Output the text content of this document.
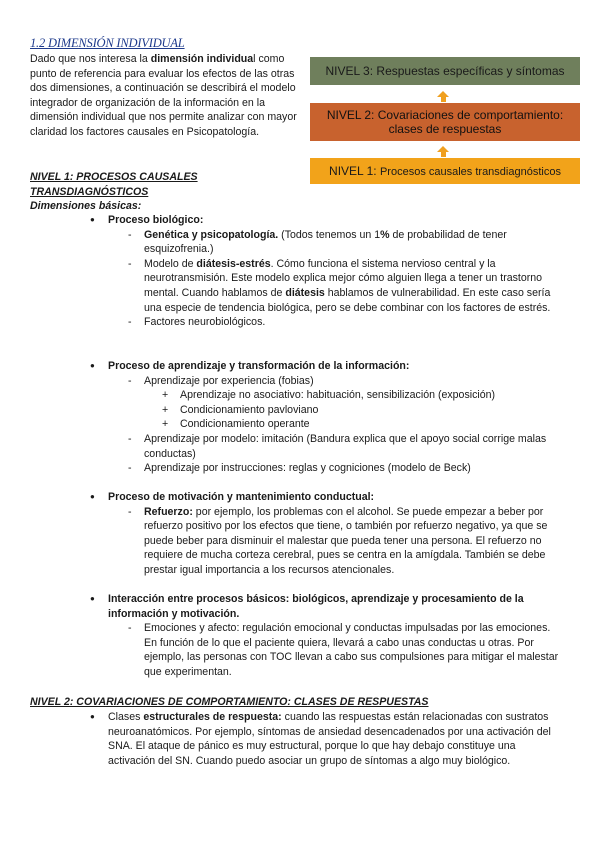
1.2 DIMENSIÓN INDIVIDUAL
Dado que nos interesa la dimensión individual como punto de referencia para evaluar los efectos de las otras dos dimensiones, a continuación se describirá el modelo integrador de organización de la información en la dimensión individual que nos permite analizar con mayor claridad los factores causales en Psicopatología.
NIVEL 3: Respuestas específicas y síntomas
NIVEL 2: Covariaciones de comportamiento: clases de respuestas
NIVEL 1: Procesos causales transdiagnósticos
NIVEL 1: PROCESOS CAUSALES
TRANSDIAGNÓSTICOS
Dimensiones básicas:
● Proceso biológico:
- Genética y psicopatología. (Todos tenemos un 1% de probabilidad de tener esquizofrenia.)
- Modelo de diátesis-estrés. Cómo funciona el sistema nervioso central y la neurotransmisión. Este modelo explica mejor cómo alguien llega a tener un trastorno mental. Cuando hablamos de diátesis hablamos de vulnerabilidad. En este caso sería una especie de tendencia biológica, pero se debe combinar con los factores de estrés.
- Factores neurobiológicos.
● Proceso de aprendizaje y transformación de la información:
- Aprendizaje por experiencia (fobias)
+ Aprendizaje no asociativo: habituación, sensibilización (exposición)
+ Condicionamiento pavloviano
+ Condicionamiento operante
- Aprendizaje por modelo: imitación (Bandura explica que el apoyo social corrige malas conductas)
- Aprendizaje por instrucciones: reglas y cogniciones (modelo de Beck)
● Proceso de motivación y mantenimiento conductual:
- Refuerzo: por ejemplo, los problemas con el alcohol. Se puede empezar a beber por refuerzo positivo por los efectos que tiene, o también por refuerzo negativo, ya que se puede beber para disminuir el malestar que pueda tener una persona. El refuerzo no requiere de mucha corteza cerebral, pues se centra en la amígdala. También se debe prestar igual importancia a los recursos atencionales.
● Interacción entre procesos básicos: biológicos, aprendizaje y procesamiento de la información y motivación.
- Emociones y afecto: regulación emocional y conductas impulsadas por las emociones. En función de lo que el paciente quiera, llevará a cabo unas conductas u otras. Por ejemplo, las personas con TOC llevan a cabo sus compulsiones para mitigar el malestar que experimentan.
NIVEL 2: COVARIACIONES DE COMPORTAMIENTO: CLASES DE RESPUESTAS
● Clases estructurales de respuesta: cuando las respuestas están relacionadas con sustratos neuroanatómicos. Por ejemplo, síntomas de ansiedad desencadenados por una activación del SNA. El ataque de pánico es muy estructural, porque lo que hay debajo constituye una activación del SN. Cuando puedo asociar un grupo de síntomas a algo muy biológico.
